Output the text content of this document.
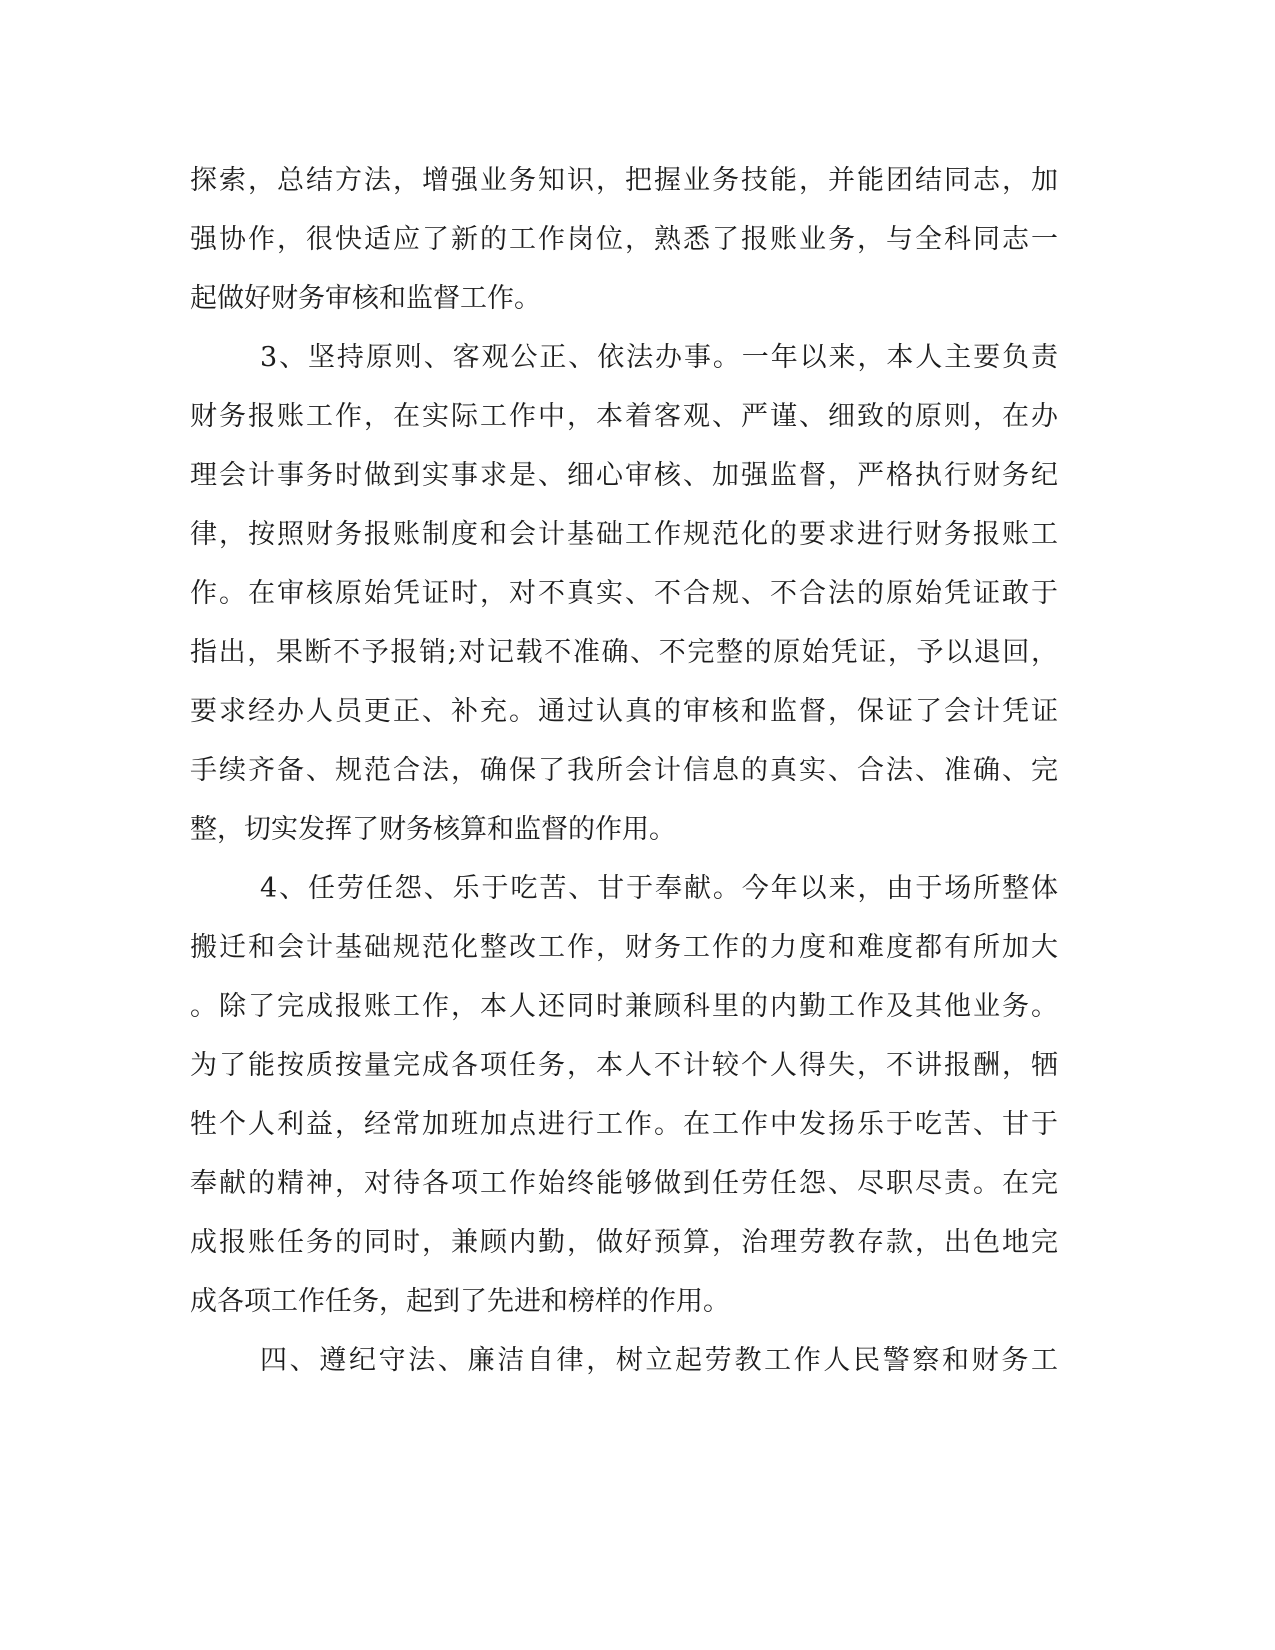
探索，总结方法，增强业务知识，把握业务技能，并能团结同志，加
强协作，很快适应了新的工作岗位，熟悉了报账业务，与全科同志一
起做好财务审核和监督工作。
3、坚持原则、客观公正、依法办事。一年以来，本人主要负责
财务报账工作，在实际工作中，本着客观、严谨、细致的原则，在办
理会计事务时做到实事求是、细心审核、加强监督，严格执行财务纪
律，按照财务报账制度和会计基础工作规范化的要求进行财务报账工
作。在审核原始凭证时，对不真实、不合规、不合法的原始凭证敢于
指出，果断不予报销;对记载不准确、不完整的原始凭证，予以退回，
要求经办人员更正、补充。通过认真的审核和监督，保证了会计凭证
手续齐备、规范合法，确保了我所会计信息的真实、合法、准确、完
整，切实发挥了财务核算和监督的作用。
4、任劳任怨、乐于吃苦、甘于奉献。今年以来，由于场所整体
搬迁和会计基础规范化整改工作，财务工作的力度和难度都有所加大
。除了完成报账工作，本人还同时兼顾科里的内勤工作及其他业务。
为了能按质按量完成各项任务，本人不计较个人得失，不讲报酬，牺
牲个人利益，经常加班加点进行工作。在工作中发扬乐于吃苦、甘于
奉献的精神，对待各项工作始终能够做到任劳任怨、尽职尽责。在完
成报账任务的同时，兼顾内勤，做好预算，治理劳教存款，出色地完
成各项工作任务，起到了先进和榜样的作用。
四、遵纪守法、廉洁自律，树立起劳教工作人民警察和财务工
